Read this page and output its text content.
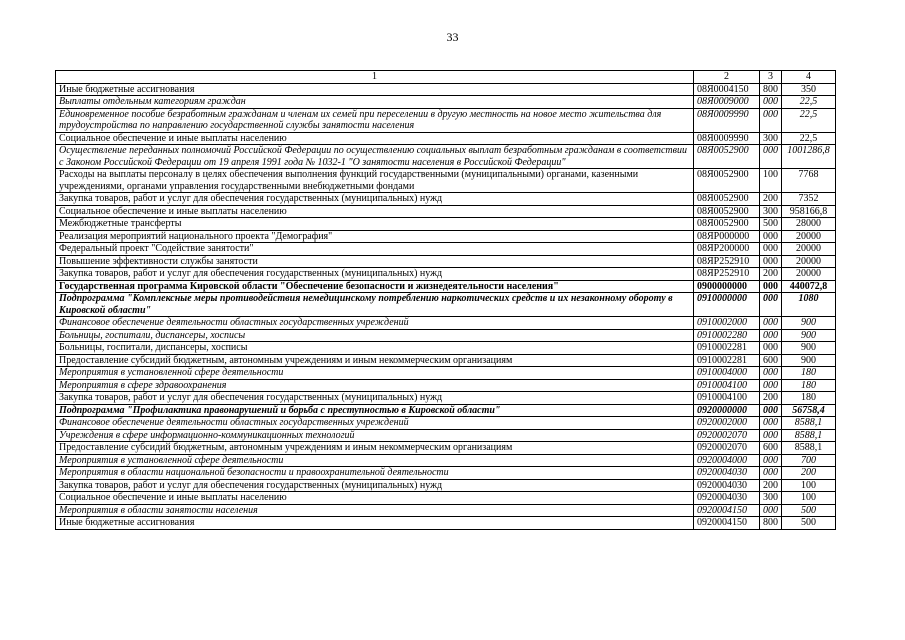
33
1	2	3	4
Иные бюджетные ассигнования	08Я0004150	800	350
Выплаты отдельным категориям граждан	08Я0009000	000	22,5
Единовременное пособие безработным гражданам и членам их семей при переселении в другую местность на новое место жительства для трудоустройства по направлению государственной службы занятости населения	08Я0009990	000	22,5
Социальное обеспечение и иные выплаты населению	08Я0009990	300	22,5
Осуществление переданных полномочий Российской Федерации по осуществлению социальных выплат безработным гражданам в соответствии с Законом Российской Федерации от 19 апреля 1991 года № 1032-1 "О занятости населения в Российской Федерации"	08Я0052900	000	1001286,8
Расходы на выплаты персоналу в целях обеспечения выполнения функций государственными (муниципальными) органами, казенными учреждениями, органами управления государственными внебюджетными фондами	08Я0052900	100	7768
Закупка товаров, работ и услуг для обеспечения государственных (муниципальных) нужд	08Я0052900	200	7352
Социальное обеспечение и иные выплаты населению	08Я0052900	300	958166,8
Межбюджетные трансферты	08Я0052900	500	28000
Реализация мероприятий национального проекта "Демография"	08ЯP000000	000	20000
Федеральный проект "Содействие занятости"	08ЯP200000	000	20000
Повышение эффективности службы занятости	08ЯP252910	000	20000
Закупка товаров, работ и услуг для обеспечения государственных (муниципальных) нужд	08ЯP252910	200	20000
Государственная программа Кировской области "Обеспечение безопасности и жизнедеятельности населения"	0900000000	000	440072,8
Подпрограмма "Комплексные меры противодействия немедицинскому потреблению наркотических средств и их незаконному обороту в Кировской области"	0910000000	000	1080
Финансовое обеспечение деятельности областных государственных учреждений	0910002000	000	900
Больницы, госпитали, диспансеры, хосписы	0910002280	000	900
Больницы, госпитали, диспансеры, хосписы	0910002281	000	900
Предоставление субсидий бюджетным, автономным учреждениям и иным некоммерческим организациям	0910002281	600	900
Мероприятия в установленной сфере деятельности	0910004000	000	180
Мероприятия в сфере здравоохранения	0910004100	000	180
Закупка товаров, работ и услуг для обеспечения государственных (муниципальных) нужд	0910004100	200	180
Подпрограмма "Профилактика правонарушений и борьба с преступностью в Кировской области"	0920000000	000	56758,4
Финансовое обеспечение деятельности областных государственных учреждений	0920002000	000	8588,1
Учреждения в сфере информационно-коммуникационных технологий	0920002070	000	8588,1
Предоставление субсидий бюджетным, автономным учреждениям и иным некоммерческим организациям	0920002070	600	8588,1
Мероприятия в установленной сфере деятельности	0920004000	000	700
Мероприятия в области национальной безопасности и правоохранительной деятельности	0920004030	000	200
Закупка товаров, работ и услуг для обеспечения государственных (муниципальных) нужд	0920004030	200	100
Социальное обеспечение и иные выплаты населению	0920004030	300	100
Мероприятия в области занятости населения	0920004150	000	500
Иные бюджетные ассигнования	0920004150	800	500
